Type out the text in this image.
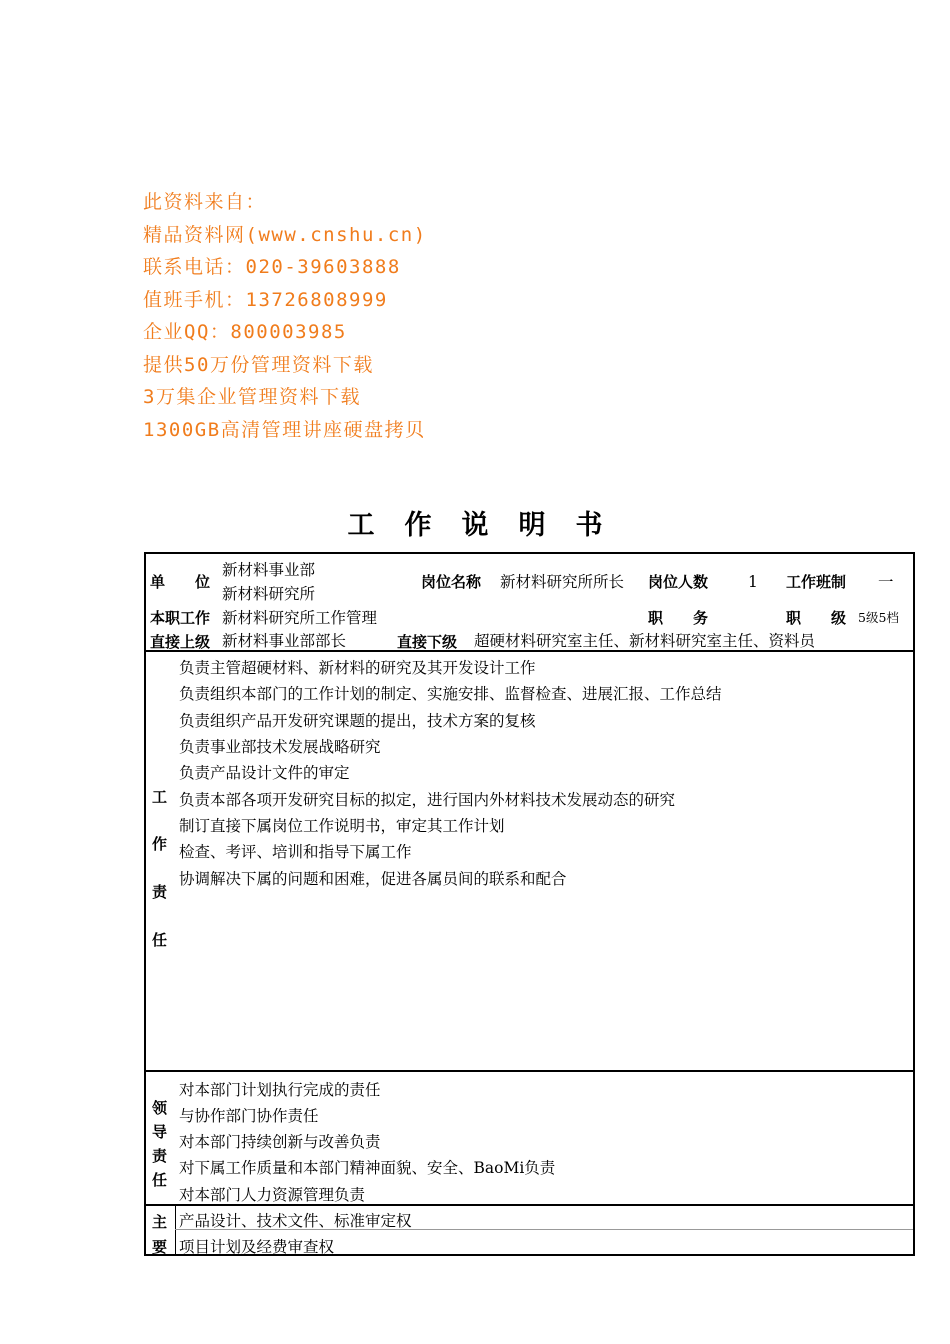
此资料来自：
精品资料网(www.cnshu.cn)
联系电话：020-39603888
值班手机：13726808999
企业QQ：800003985
提供50万份管理资料下载
3万集企业管理资料下载
1300GB高清管理讲座硬盘拷贝
工作说明书
单　　位
新材料事业部
新材料研究所
岗位名称 新材料研究所所长 岗位人数	1 工作班制 一
本职工作 新材料研究所工作管理	职　　务	职　　级 5级5档
直接上级 新材料事业部部长	直接下级 超硬材料研究室主任、新材料研究室主任、资料员
工
作
责
任
负责主管超硬材料、新材料的研究及其开发设计工作
负责组织本部门的工作计划的制定、实施安排、监督检查、进展汇报、工作总结
负责组织产品开发研究课题的提出，技术方案的复核
负责事业部技术发展战略研究
负责产品设计文件的审定
负责本部各项开发研究目标的拟定，进行国内外材料技术发展动态的研究
制订直接下属岗位工作说明书，审定其工作计划
检查、考评、培训和指导下属工作
协调解决下属的问题和困难，促进各属员间的联系和配合
领
导
责
任
对本部门计划执行完成的责任
与协作部门协作责任
对本部门持续创新与改善负责
对下属工作质量和本部门精神面貌、安全、BaoMi负责
对本部门人力资源管理负责
主
要
产品设计、技术文件、标准审定权
项目计划及经费审查权
